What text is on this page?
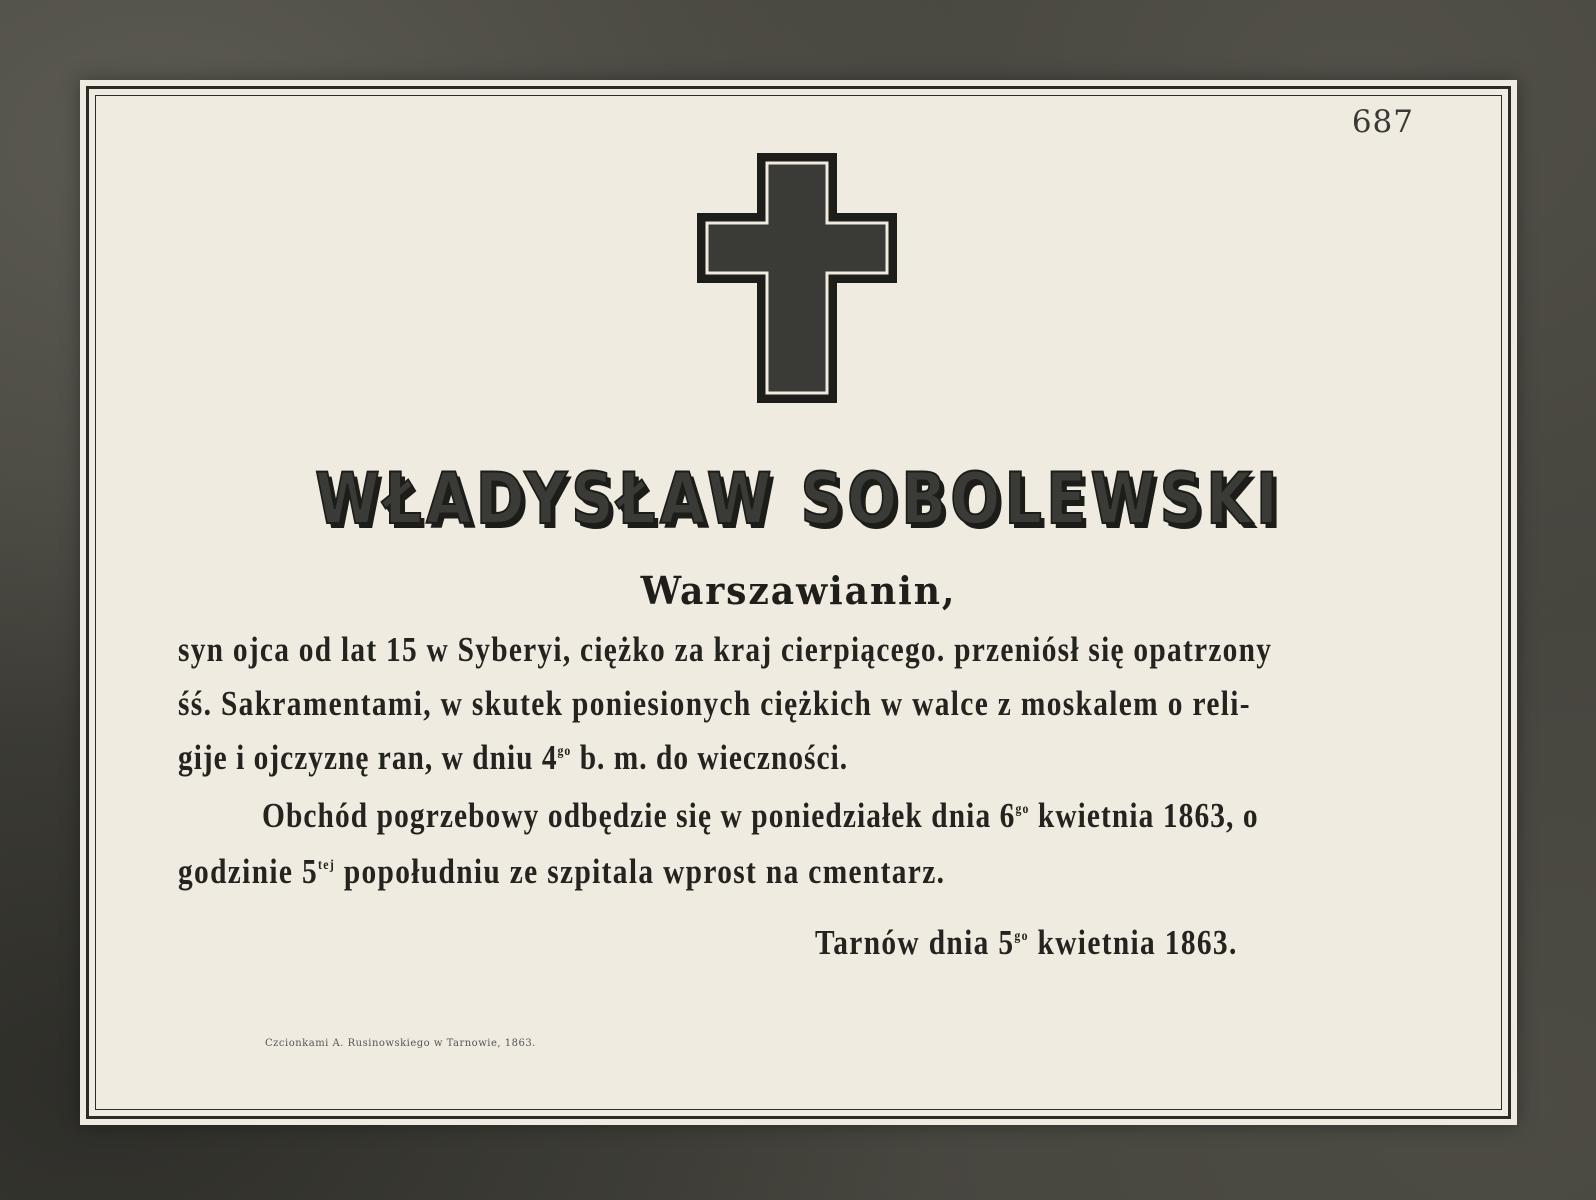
687
WŁADYSŁAW SOBOLEWSKI
Warszawianin,
syn ojca od lat 15 w Syberyi, ciężko za kraj cierpiącego. przeniósł się opatrzony
śś. Sakramentami, w skutek poniesionych ciężkich w walce z moskalem o reli-
gije i ojczyznę ran, w dniu $4^{go}$ b. m. do wieczności.
Obchód pogrzebowy odbędzie się w poniedziałek dnia $6^{go}$ kwietnia 1863, o
godzinie $5^{tej}$ popołudniu ze szpitala wprost na cmentarz.
Tarnów dnia $5^{go}$ kwietnia 1863.
Czcionkami A. Rusinowskiego w Tarnowie, 1863.
